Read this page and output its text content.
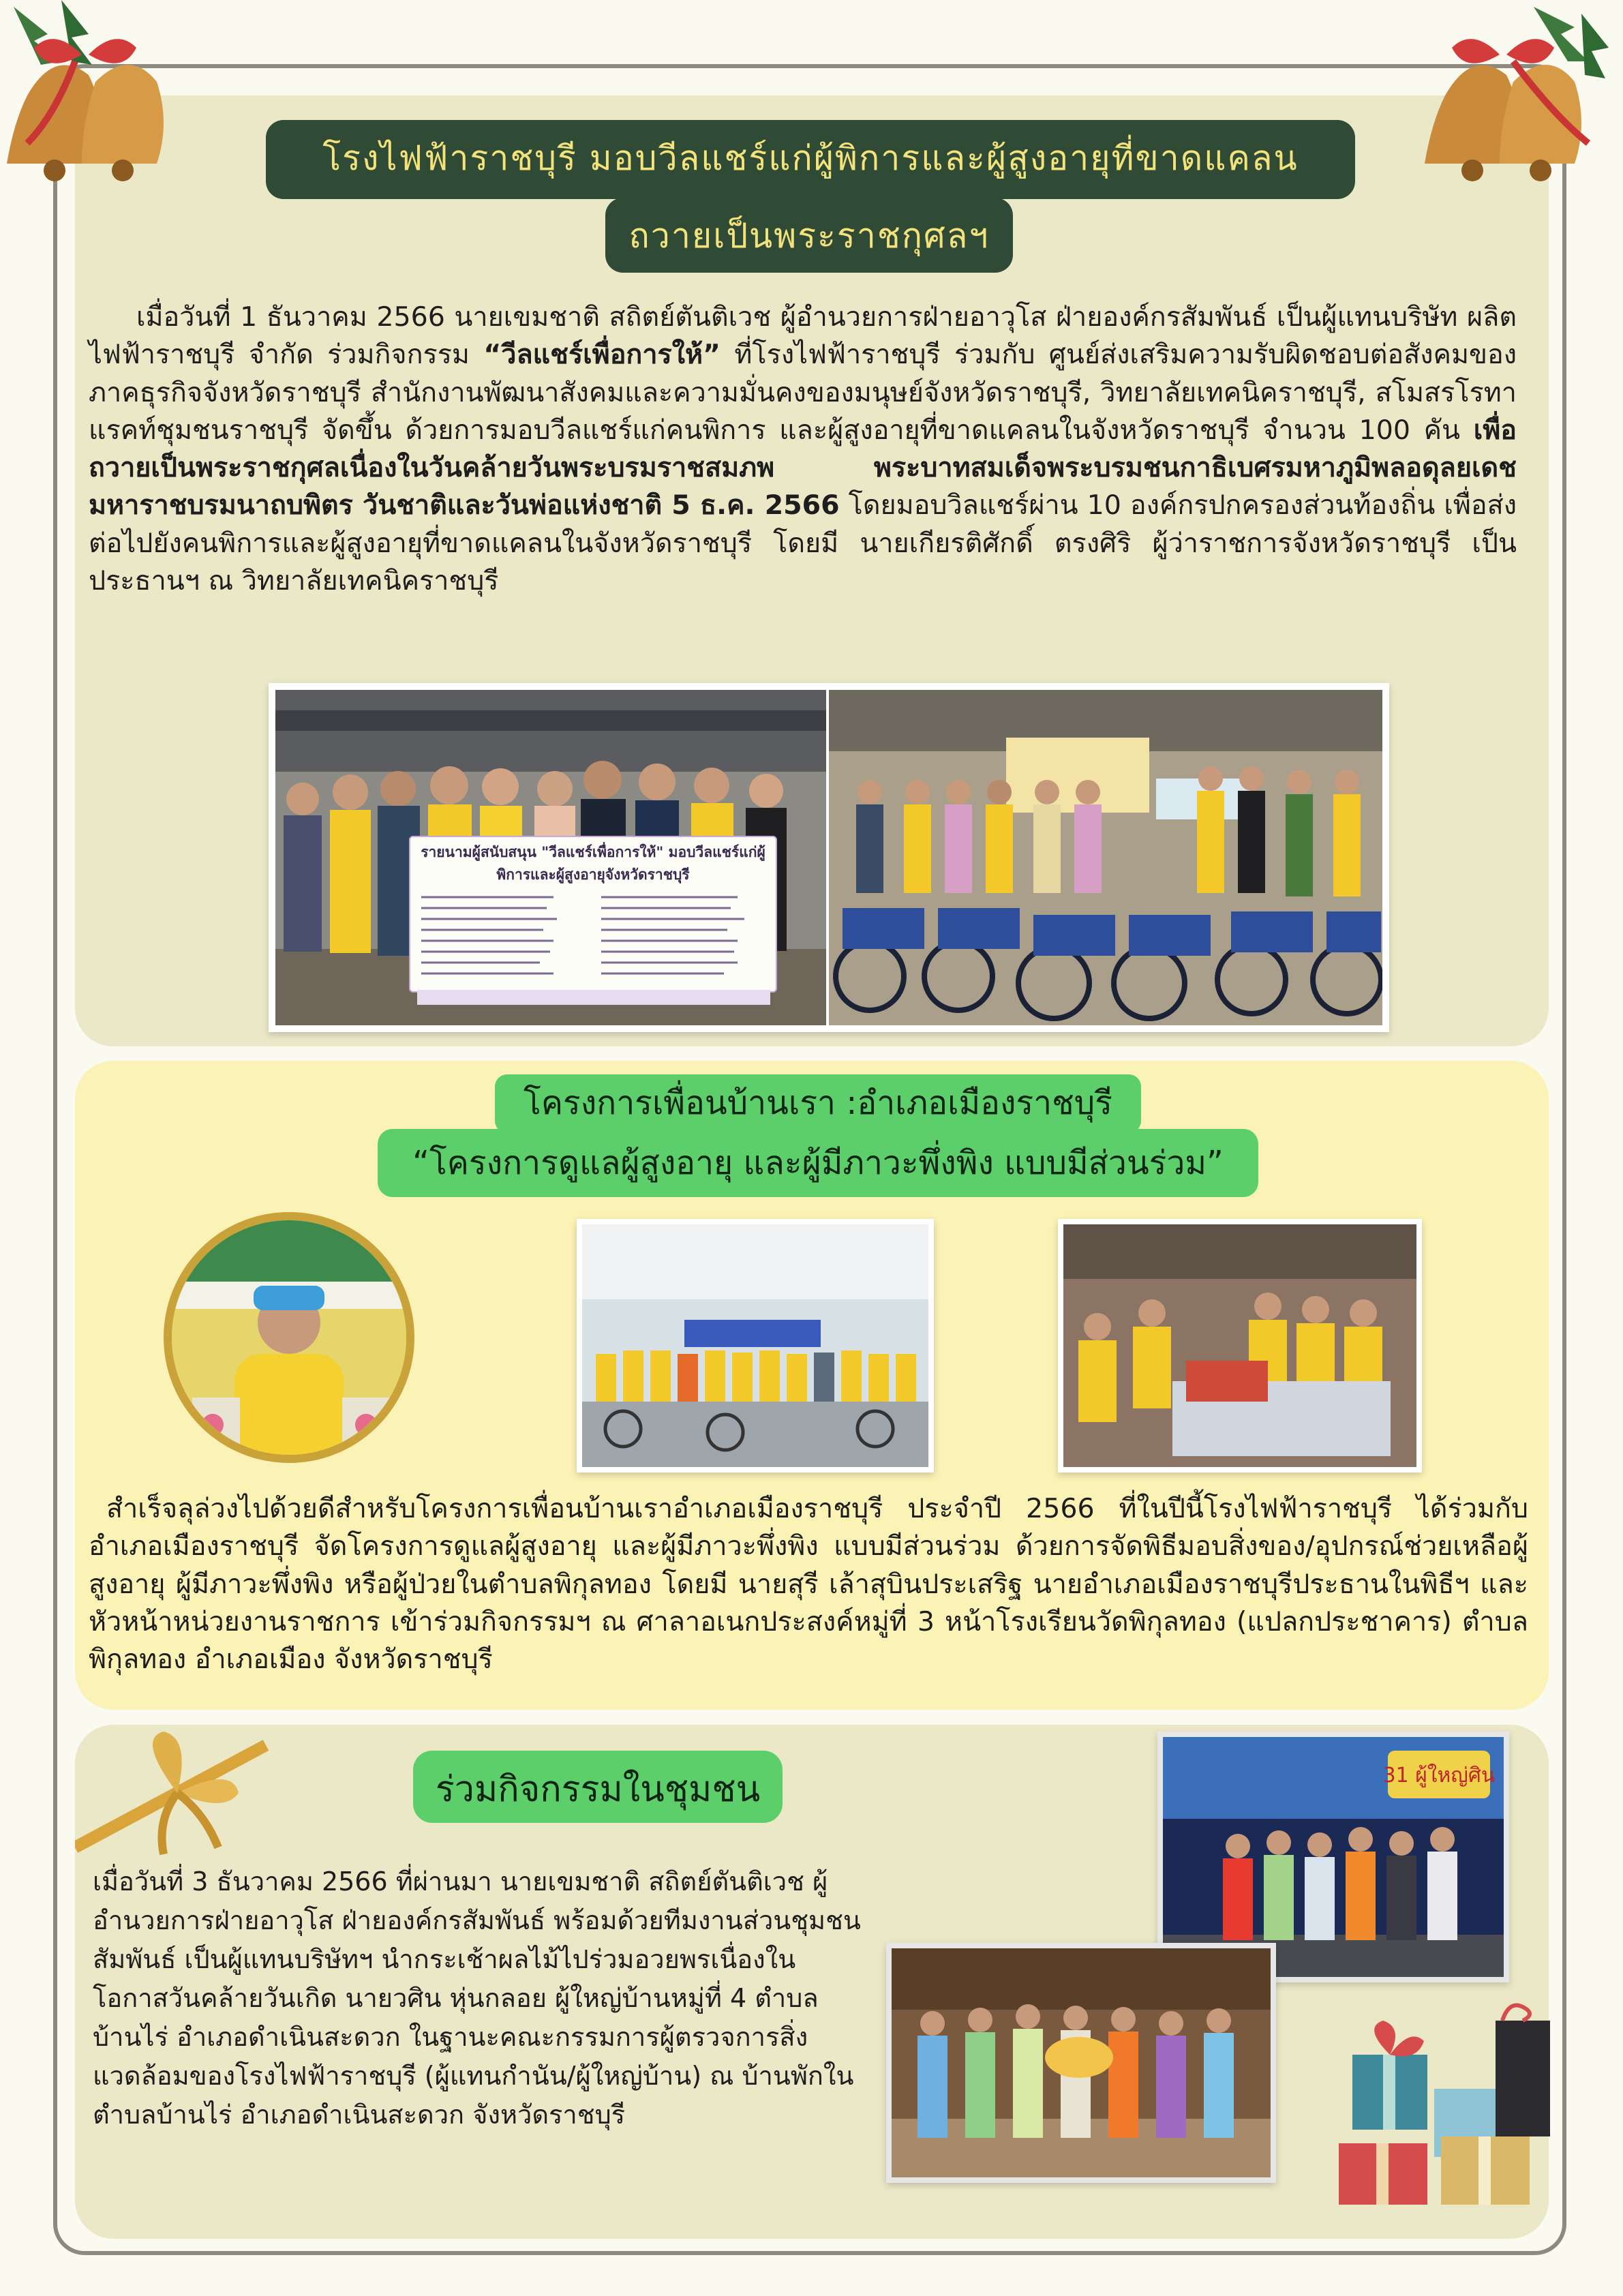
โรงไฟฟ้าราชบุรี มอบวีลแชร์แก่ผู้พิการและผู้สูงอายุที่ขาดแคลน
ถวายเป็นพระราชกุศลฯ

เมื่อวันที่ 1 ธันวาคม 2566 นายเขมชาติ สถิตย์ตันติเวช ผู้อำนวยการฝ่ายอาวุโส ฝ่ายองค์กรสัมพันธ์ เป็นผู้แทนบริษัท ผลิตไฟฟ้าราชบุรี จำกัด ร่วมกิจกรรม “วีลแชร์เพื่อการให้” ที่โรงไฟฟ้าราชบุรี ร่วมกับ ศูนย์ส่งเสริมความรับผิดชอบต่อสังคมของภาคธุรกิจจังหวัดราชบุรี สำนักงานพัฒนาสังคมและความมั่นคงของมนุษย์จังหวัดราชบุรี, วิทยาลัยเทคนิคราชบุรี, สโมสรโรทาแรคท์ชุมชนราชบุรี จัดขึ้น ด้วยการมอบวีลแชร์แก่คนพิการ และผู้สูงอายุที่ขาดแคลนในจังหวัดราชบุรี จำนวน 100 คัน เพื่อถวายเป็นพระราชกุศลเนื่องในวันคล้ายวันพระบรมราชสมภพ พระบาทสมเด็จพระบรมชนกาธิเบศรมหาภูมิพลอดุลยเดชมหาราชบรมนาถบพิตร วันชาติและวันพ่อแห่งชาติ 5 ธ.ค. 2566 โดยมอบวิลแชร์ผ่าน 10 องค์กรปกครองส่วนท้องถิ่น เพื่อส่งต่อไปยังคนพิการและผู้สูงอายุที่ขาดแคลนในจังหวัดราชบุรี โดยมี นายเกียรติศักดิ์ ตรงศิริ ผู้ว่าราชการจังหวัดราชบุรี เป็นประธานฯ ณ วิทยาลัยเทคนิคราชบุรี

รายนามผู้สนับสนุน "วีลแชร์เพื่อการให้" มอบวีลแชร์แก่ผู้พิการและผู้สูงอายุจังหวัดราชบุรี
โครงการเพื่อนบ้านเรา :อำเภอเมืองราชบุรี
“โครงการดูแลผู้สูงอายุ และผู้มีภาวะพึ่งพิง แบบมีส่วนร่วม”

สำเร็จลุล่วงไปด้วยดีสำหรับโครงการเพื่อนบ้านเราอำเภอเมืองราชบุรี ประจำปี 2566 ที่ในปีนี้โรงไฟฟ้าราชบุรี ได้ร่วมกับอำเภอเมืองราชบุรี จัดโครงการดูแลผู้สูงอายุ และผู้มีภาวะพึ่งพิง แบบมีส่วนร่วม ด้วยการจัดพิธีมอบสิ่งของ/อุปกรณ์ช่วยเหลือผู้สูงอายุ ผู้มีภาวะพึ่งพิง หรือผู้ป่วยในตำบลพิกุลทอง โดยมี นายสุรี เล้าสุบินประเสริฐ นายอำเภอเมืองราชบุรีประธานในพิธีฯ และหัวหน้าหน่วยงานราชการ เข้าร่วมกิจกรรมฯ ณ ศาลาอเนกประสงค์หมู่ที่ 3 หน้าโรงเรียนวัดพิกุลทอง (แปลกประชาคาร) ตำบลพิกุลทอง อำเภอเมือง จังหวัดราชบุรี

ร่วมกิจกรรมในชุมชน

เมื่อวันที่ 3 ธันวาคม 2566 ที่ผ่านมา นายเขมชาติ สถิตย์ตันติเวช ผู้อำนวยการฝ่ายอาวุโส ฝ่ายองค์กรสัมพันธ์ พร้อมด้วยทีมงานส่วนชุมชนสัมพันธ์ เป็นผู้แทนบริษัทฯ นำกระเช้าผลไม้ไปร่วมอวยพรเนื่องในโอกาสวันคล้ายวันเกิด นายวศิน หุ่นกลอย ผู้ใหญ่บ้านหมู่ที่ 4 ตำบลบ้านไร่ อำเภอดำเนินสะดวก ในฐานะคณะกรรมการผู้ตรวจการสิ่งแวดล้อมของโรงไฟฟ้าราชบุรี (ผู้แทนกำนัน/ผู้ใหญ่บ้าน) ณ บ้านพักในตำบลบ้านไร่ อำเภอดำเนินสะดวก จังหวัดราชบุรี

31 ผู้ใหญ่ศิน
